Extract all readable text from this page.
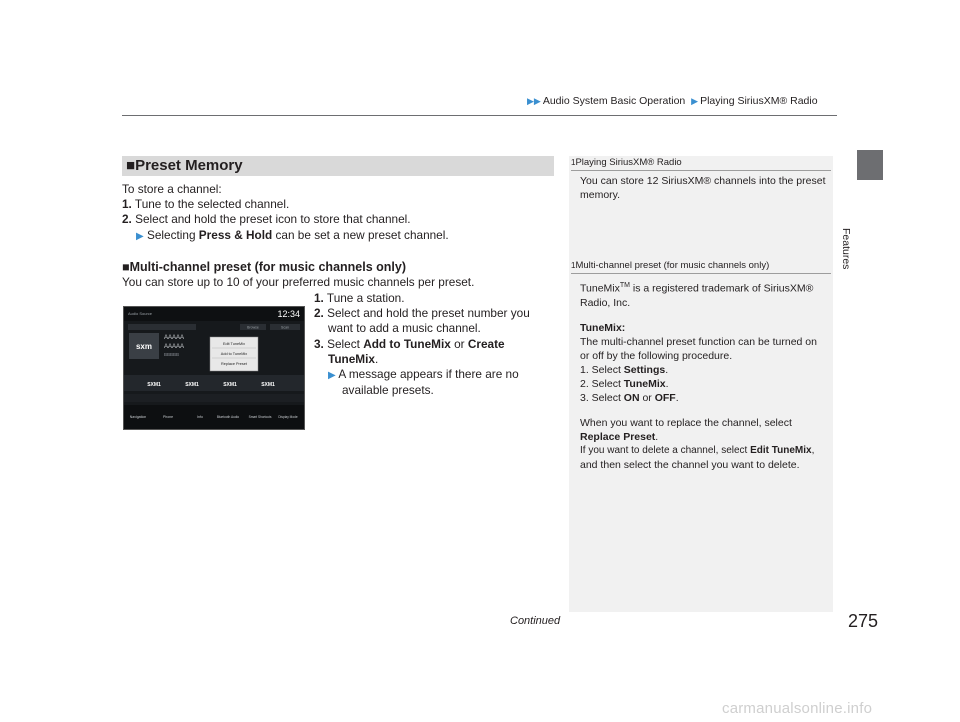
▶▶ Audio System Basic Operation ▶ Playing SiriusXM® Radio
Features
■Preset Memory
To store a channel:
1. Tune to the selected channel.
2. Select and hold the preset icon to store that channel.
▶ Selecting Press & Hold can be set a new preset channel.
■Multi-channel preset (for music channels only)
You can store up to 10 of your preferred music channels per preset.
1. Tune a station.
2. Select and hold the preset number you
want to add a music channel.
3. Select Add to TuneMix or Create
TuneMix.
▶ A message appears if there are no
available presets.
Audio Source	12:34
Browse	Scan
sxm
AAAAA
AAAAA
BBBBB
Edit TuneMix
Add to TuneMix
Replace Preset
SXM1	SXM1	SXM1	SXM1
Navigation	Phone	Info	Bluetooth Audio	Smart Shortcuts Display Mode
1Playing SiriusXM® Radio
You can store 12 SiriusXM® channels into the preset
memory.
1Multi-channel preset (for music channels only)
TuneMix™ is a registered trademark of SiriusXM®
Radio, Inc.
TuneMix:
The multi-channel preset function can be turned on
or off by the following procedure.
1. Select Settings.
2. Select TuneMix.
3. Select ON or OFF.
When you want to replace the channel, select
Replace Preset.
If you want to delete a channel, select Edit TuneMix,
and then select the channel you want to delete.
Continued	275
carmanualsonline.info
